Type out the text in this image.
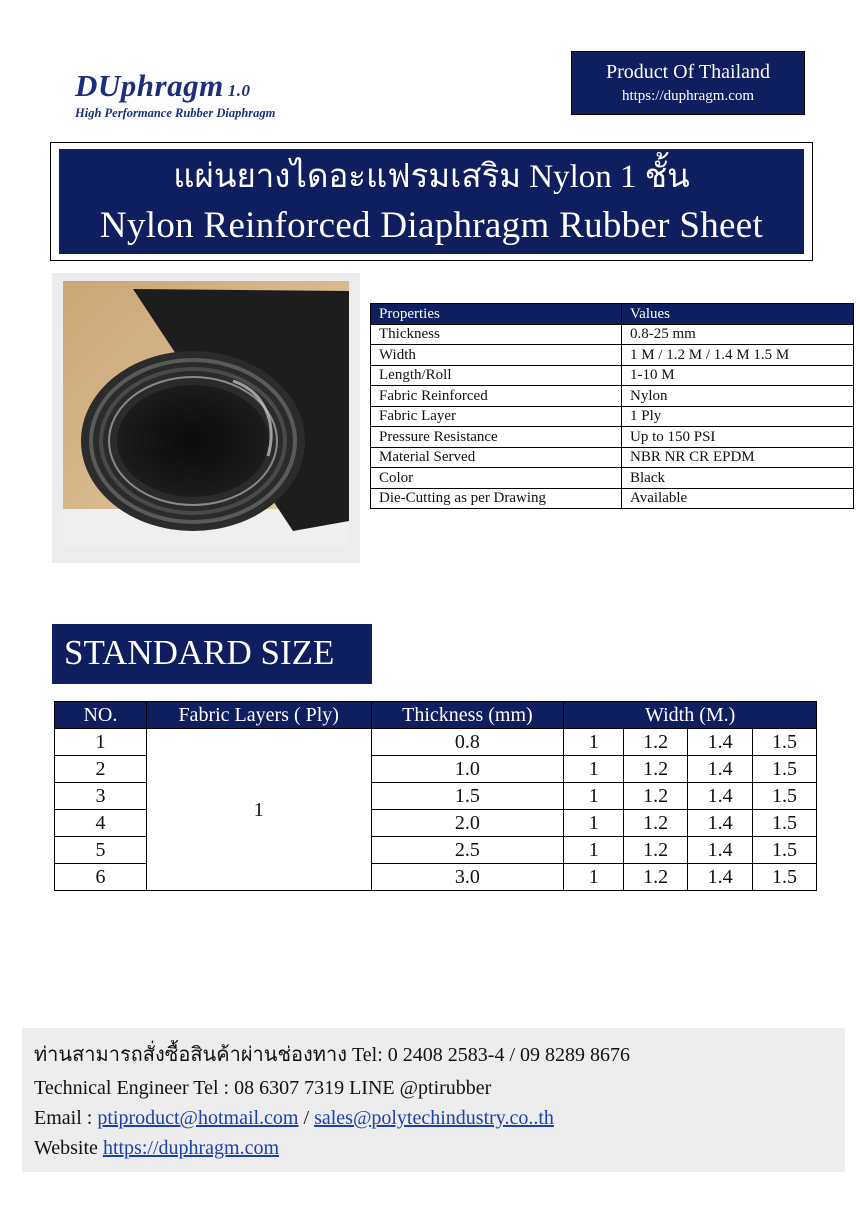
DUphragm 1.0
High Performance Rubber Diaphragm
Product Of Thailand
https://duphragm.com
แผ่นยางไดอะแฟรมเสริม Nylon 1 ชั้น
Nylon Reinforced Diaphragm Rubber Sheet
Properties	Values
Thickness	0.8-25 mm
Width	1 M / 1.2 M / 1.4 M 1.5 M
Length/Roll	1-10 M
Fabric Reinforced	Nylon
Fabric Layer	1 Ply
Pressure Resistance	Up to 150 PSI
Material Served	NBR NR CR EPDM
Color	Black
Die-Cutting as per Drawing	Available
STANDARD SIZE
NO.	Fabric Layers ( Ply)	Thickness (mm)	Width (M.)			
1	1	0.8	1	1.2	1.4	1.5
2		1.0	1	1.2	1.4	1.5
3		1.5	1	1.2	1.4	1.5
4		2.0	1	1.2	1.4	1.5
5		2.5	1	1.2	1.4	1.5
6		3.0	1	1.2	1.4	1.5
ท่านสามารถสั่งซื้อสินค้าผ่านช่องทาง Tel: 0 2408 2583-4 / 09 8289 8676
Technical Engineer Tel : 08 6307 7319 LINE @ptirubber
Email : ptiproduct@hotmail.com / sales@polytechindustry.co..th
Website https://duphragm.com
